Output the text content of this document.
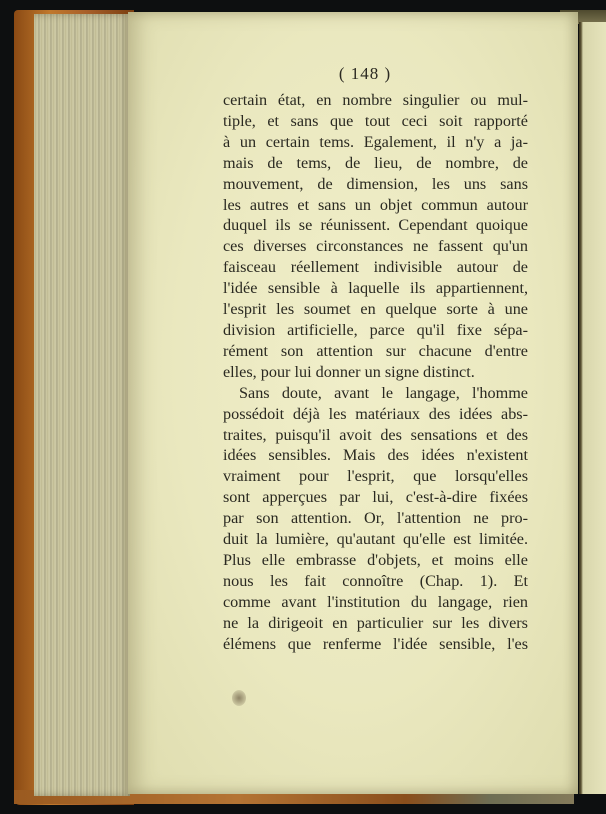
( 148 )
certain état, en nombre singulier ou mul-
tiple, et sans que tout ceci soit rapporté
à un certain tems. Egalement, il n'y a ja-
mais de tems, de lieu, de nombre, de
mouvement, de dimension, les uns sans
les autres et sans un objet commun autour
duquel ils se réunissent. Cependant quoique
ces diverses circonstances ne fassent qu'un
faisceau réellement indivisible autour de
l'idée sensible à laquelle ils appartiennent,
l'esprit les soumet en quelque sorte à une
division artificielle, parce qu'il fixe sépa-
rément son attention sur chacune d'entre
elles, pour lui donner un signe distinct.
Sans doute, avant le langage, l'homme
possédoit déjà les matériaux des idées abs-
traites, puisqu'il avoit des sensations et des
idées sensibles. Mais des idées n'existent
vraiment pour l'esprit, que lorsqu'elles
sont apperçues par lui, c'est-à-dire fixées
par son attention. Or, l'attention ne pro-
duit la lumière, qu'autant qu'elle est limitée.
Plus elle embrasse d'objets, et moins elle
nous les fait connoître (Chap. 1). Et
comme avant l'institution du langage, rien
ne la dirigeoit en particulier sur les divers
élémens que renferme l'idée sensible, l'es
